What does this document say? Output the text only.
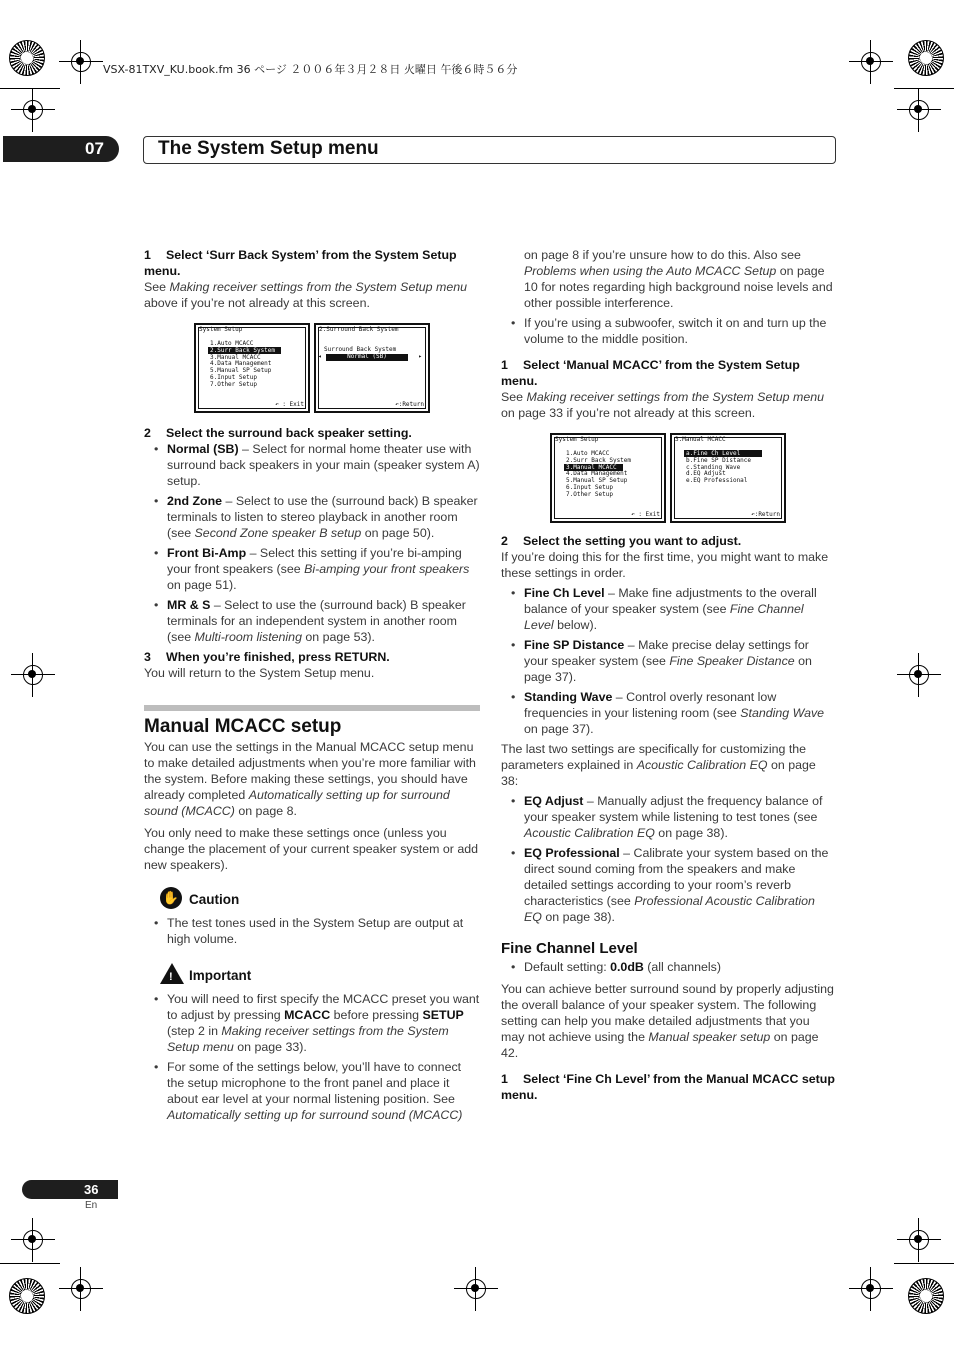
VSX-81TXV_KU.book.fm 36 ページ ２００６年３月２８日 火曜日 午後６時５６分
07	The System Setup menu

1 Select ‘Surr Back System’ from the System Setup menu.

See Making receiver settings from the System Setup menu above if you’re not already at this screen.

System Setup
1.Auto MCACC
2.Surr Back System
3.Manual MCACC
4.Data Management
5.Manual SP Setup
6.Input Setup
7.Other Setup
↶ : Exit
2.Surround Back System
Surround Back System
◂	Normal (SB)	▸
↶:Return

2 Select the surround back speaker setting.

• Normal (SB) – Select for normal home theater use with surround back speakers in your main (speaker system A) setup.

• 2nd Zone – Select to use the (surround back) B speaker terminals to listen to stereo playback in another room (see Second Zone speaker B setup on page 50).

• Front Bi-Amp – Select this setting if you’re bi-amping your front speakers (see Bi-amping your front speakers on page 51).

• MR & S – Select to use the (surround back) B speaker terminals for an independent system in another room (see Multi-room listening on page 53).

3 When you’re finished, press RETURN.

You will return to the System Setup menu.

Manual MCACC setup

You can use the settings in the Manual MCACC setup menu to make detailed adjustments when you’re more familiar with the system. Before making these settings, you should have already completed Automatically setting up for surround sound (MCACC) on page 8.

You only need to make these settings once (unless you change the placement of your current speaker system or add new speakers).

✋ Caution

• The test tones used in the System Setup are output at high volume.

! Important

• You will need to first specify the MCACC preset you want to adjust by pressing MCACC before pressing SETUP (step 2 in Making receiver settings from the System Setup menu on page 33).

• For some of the settings below, you’ll have to connect the setup microphone to the front panel and place it about ear level at your normal listening position. See Automatically setting up for surround sound (MCACC)

on page 8 if you’re unsure how to do this. Also see Problems when using the Auto MCACC Setup on page 10 for notes regarding high background noise levels and other possible interference.

• If you’re using a subwoofer, switch it on and turn up the volume to the middle position.

1 Select ‘Manual MCACC’ from the System Setup menu.

See Making receiver settings from the System Setup menu on page 33 if you’re not already at this screen.

System Setup
1.Auto MCACC
2.Surr Back System
3.Manual MCACC
4.Data Management
5.Manual SP Setup
6.Input Setup
7.Other Setup
↶ : Exit
3.Manual MCACC
a.Fine Ch Level
b.Fine SP Distance
c.Standing Wave
d.EQ Adjust
e.EQ Professional
↶:Return

2 Select the setting you want to adjust.

If you’re doing this for the first time, you might want to make these settings in order.

• Fine Ch Level – Make fine adjustments to the overall balance of your speaker system (see Fine Channel Level below).

• Fine SP Distance – Make precise delay settings for your speaker system (see Fine Speaker Distance on page 37).

• Standing Wave – Control overly resonant low frequencies in your listening room (see Standing Wave on page 37).

The last two settings are specifically for customizing the parameters explained in Acoustic Calibration EQ on page 38:

• EQ Adjust – Manually adjust the frequency balance of your speaker system while listening to test tones (see Acoustic Calibration EQ on page 38).

• EQ Professional – Calibrate your system based on the direct sound coming from the speakers and make detailed settings according to your room’s reverb characteristics (see Professional Acoustic Calibration EQ on page 38).

Fine Channel Level

• Default setting: 0.0dB (all channels)

You can achieve better surround sound by properly adjusting the overall balance of your speaker system. The following setting can help you make detailed adjustments that you may not achieve using the Manual speaker setup on page 42.

1 Select ‘Fine Ch Level’ from the Manual MCACC setup menu.

36
En
